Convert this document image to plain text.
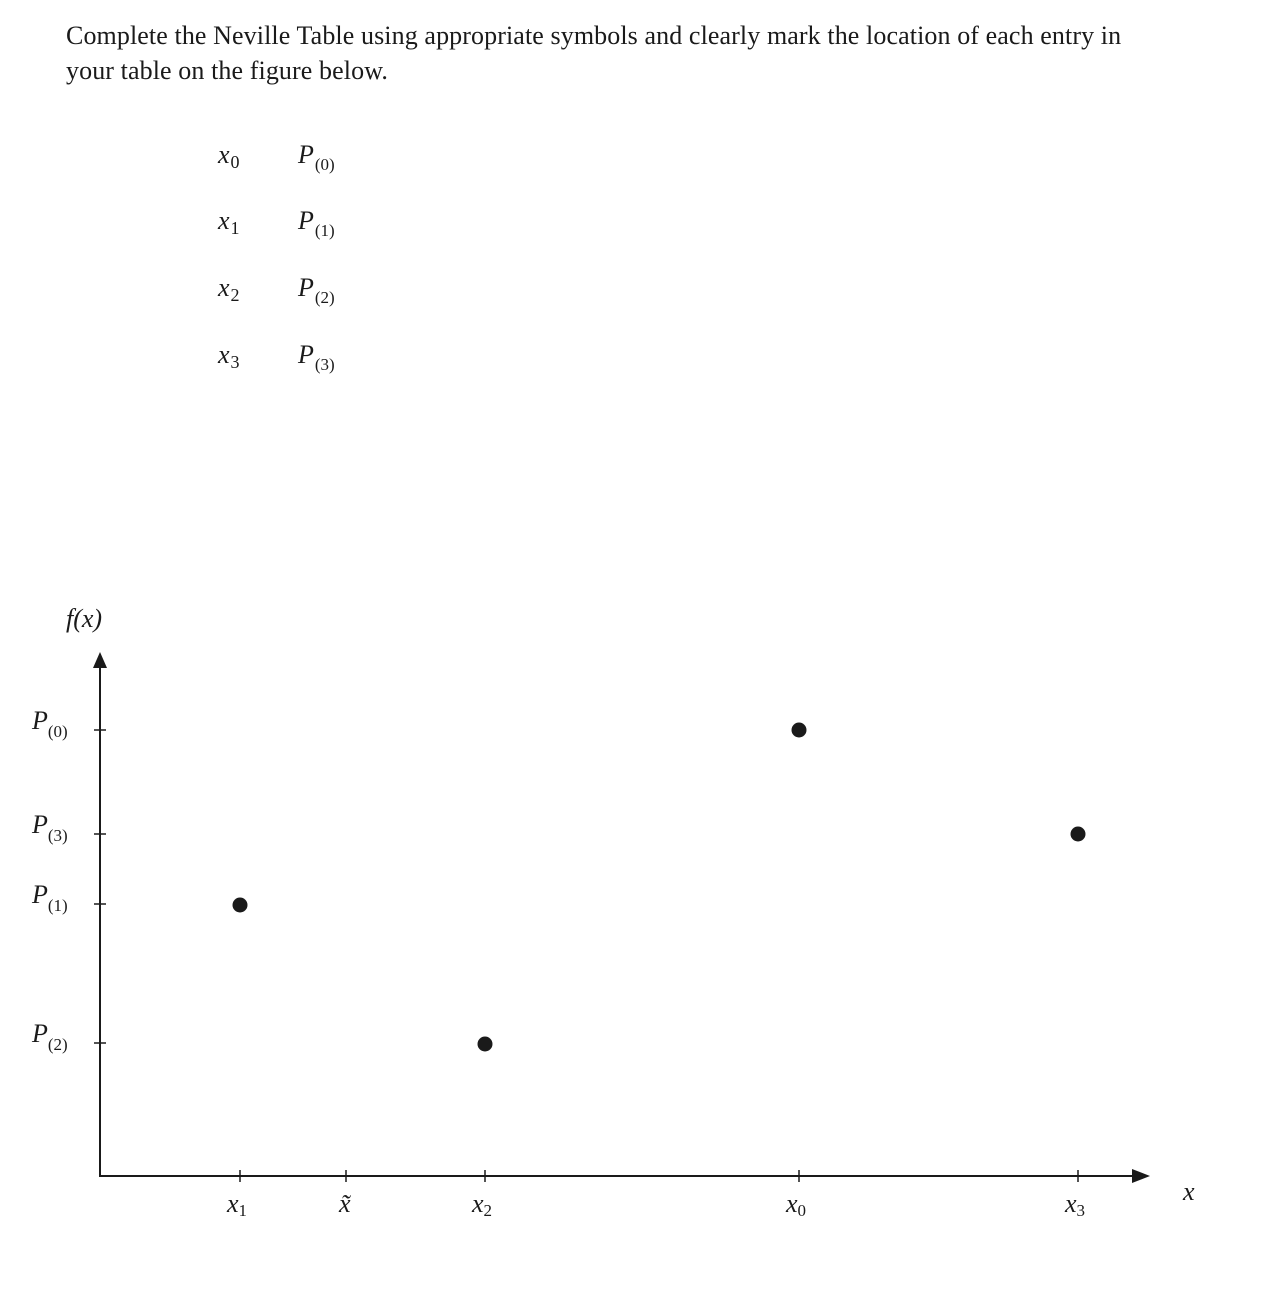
Complete the Neville Table using appropriate symbols and clearly mark the location of each entry in
your table on the figure below.
x0 $P_{(0)}$
x1 $P_{(1)}$
x2 $P_{(2)}$
x3 $P_{(3)}$
f(x)
x
$P_{(0)}$
$P_{(3)}$
$P_{(1)}$
$P_{(2)}$
x1	x̃	x2	x0	x3
